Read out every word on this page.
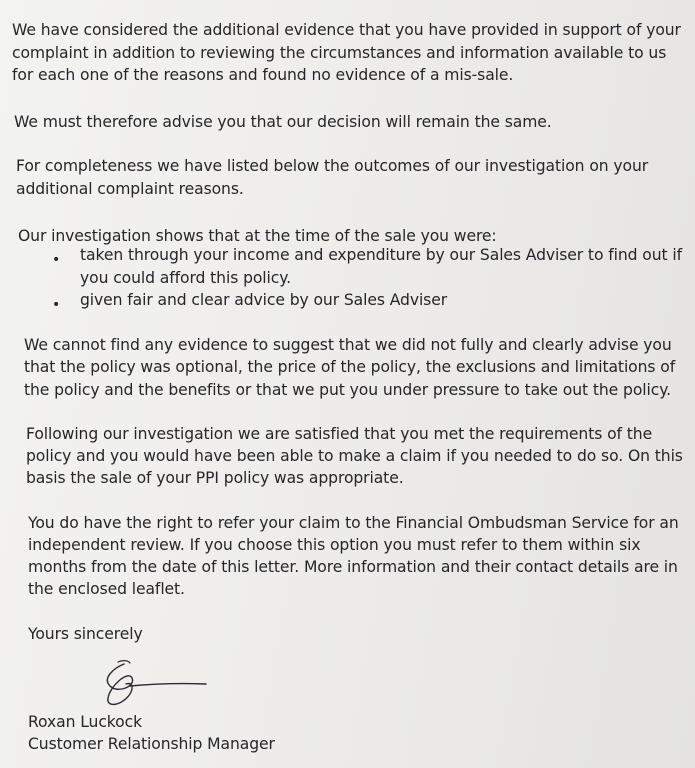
We have considered the additional evidence that you have provided in support of your
complaint in addition to reviewing the circumstances and information available to us
for each one of the reasons and found no evidence of a mis-sale.
We must therefore advise you that our decision will remain the same.
For completeness we have listed below the outcomes of our investigation on your
additional complaint reasons.
Our investigation shows that at the time of the sale you were:
• taken through your income and expenditure by our Sales Adviser to find out if
you could afford this policy.
• given fair and clear advice by our Sales Adviser
We cannot find any evidence to suggest that we did not fully and clearly advise you
that the policy was optional, the price of the policy, the exclusions and limitations of
the policy and the benefits or that we put you under pressure to take out the policy.
Following our investigation we are satisfied that you met the requirements of the
policy and you would have been able to make a claim if you needed to do so. On this
basis the sale of your PPI policy was appropriate.
You do have the right to refer your claim to the Financial Ombudsman Service for an
independent review. If you choose this option you must refer to them within six
months from the date of this letter. More information and their contact details are in
the enclosed leaflet.
Yours sincerely
Roxan Luckock
Customer Relationship Manager
